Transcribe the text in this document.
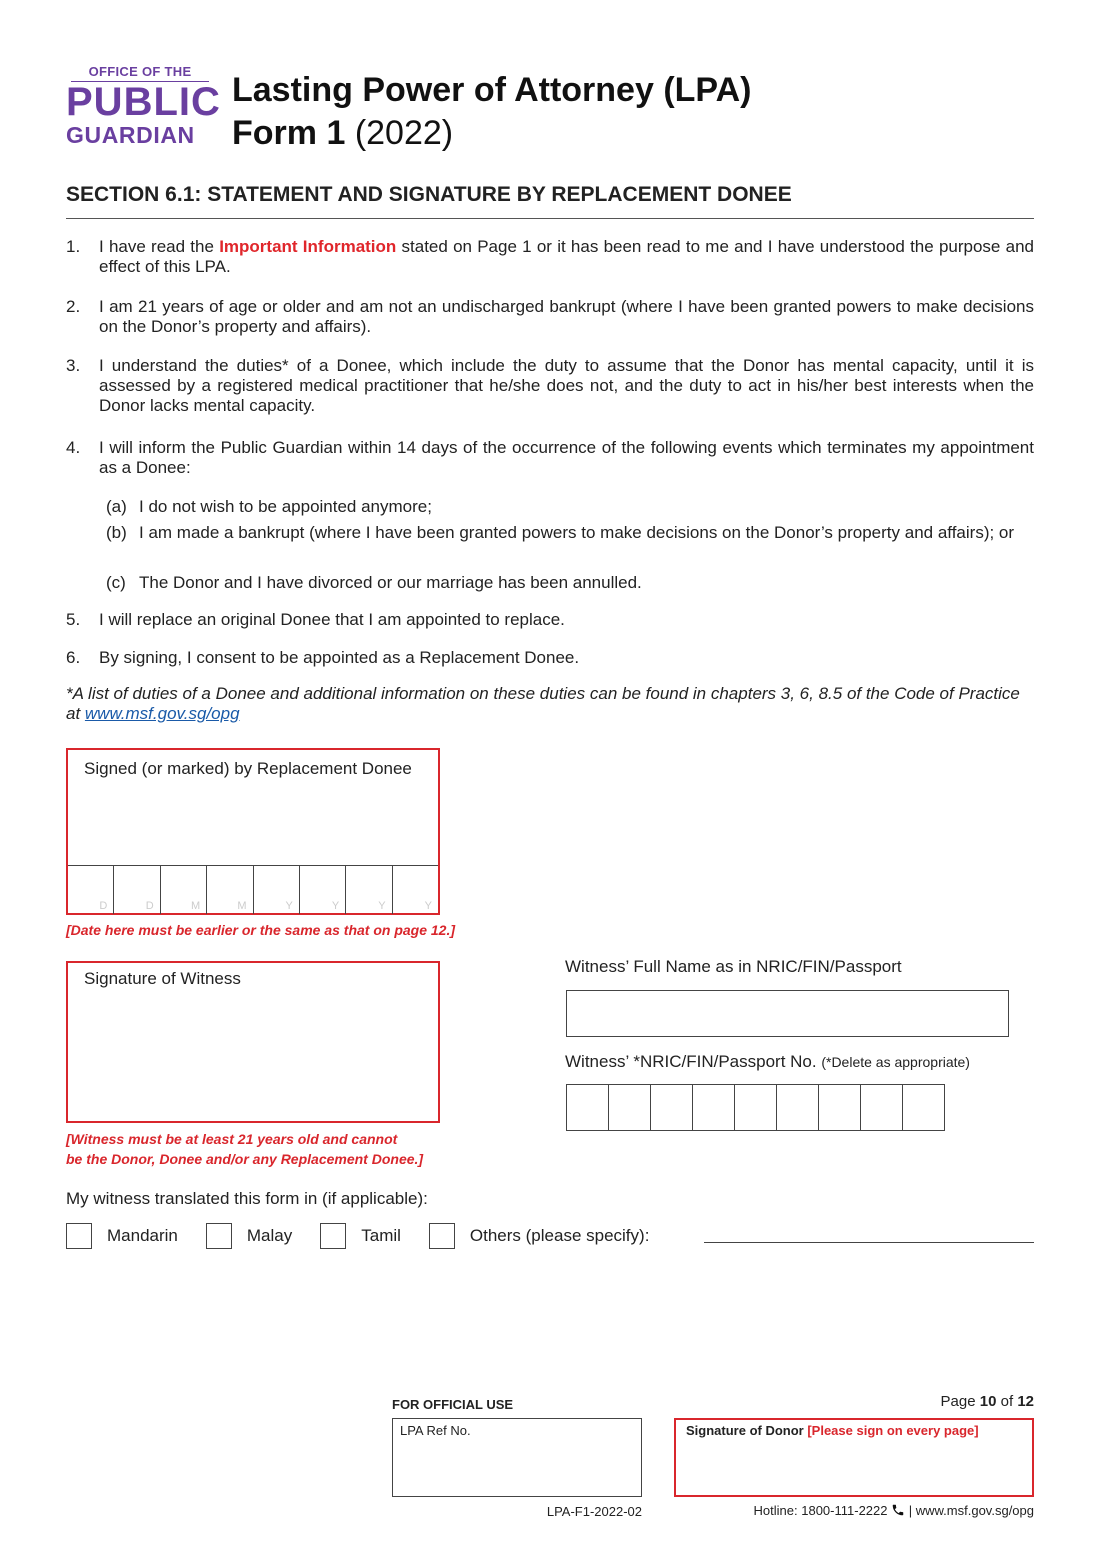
OFFICE OF THE
PUBLIC
GUARDIAN
Lasting Power of Attorney (LPA)
Form 1 (2022)
SECTION 6.1: STATEMENT AND SIGNATURE BY REPLACEMENT DONEE
1.	I have read the Important Information stated on Page 1 or it has been read to me and I have understood the purpose and effect of this LPA.
2.	I am 21 years of age or older and am not an undischarged bankrupt (where I have been granted powers to make decisions on the Donor’s property and affairs).
3.	I understand the duties* of a Donee, which include the duty to assume that the Donor has mental capacity, until it is assessed by a registered medical practitioner that he/she does not, and the duty to act in his/her best interests when the Donor lacks mental capacity.
4.	I will inform the Public Guardian within 14 days of the occurrence of the following events which terminates my appointment as a Donee:
(a) I do not wish to be appointed anymore;
(b) I am made a bankrupt (where I have been granted powers to make decisions on the Donor’s property and affairs); or
(c) The Donor and I have divorced or our marriage has been annulled.
5.	I will replace an original Donee that I am appointed to replace.
6.	By signing, I consent to be appointed as a Replacement Donee.
*A list of duties of a Donee and additional information on these duties can be found in chapters 3, 6, 8.5 of the Code of Practice at www.msf.gov.sg/opg
Signed (or marked) by Replacement Donee
D	D	M	M	Y	Y	Y	Y
[Date here must be earlier or the same as that on page 12.]
Signature of Witness
[Witness must be at least 21 years old and cannot
be the Donor, Donee and/or any Replacement Donee.]
Witness’ Full Name as in NRIC/FIN/Passport
Witness’ *NRIC/FIN/Passport No. (*Delete as appropriate)
My witness translated this form in (if applicable):
Mandarin	Malay	Tamil	Others (please specify):
FOR OFFICIAL USE
LPA Ref No.
LPA-F1-2022-02
Page 10 of 12
Signature of Donor [Please sign on every page]
Hotline: 1800-111-2222 | www.msf.gov.sg/opg
